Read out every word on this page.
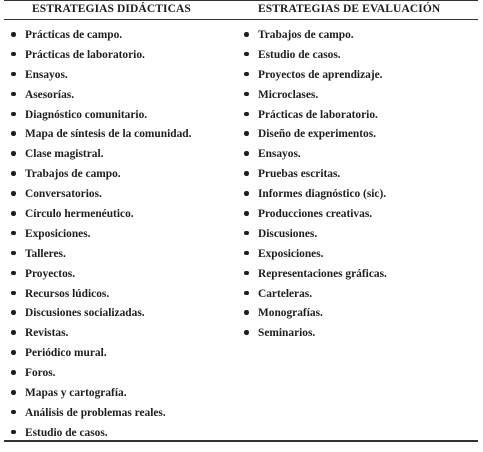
ESTRATEGIAS DIDÁCTICAS	ESTRATEGIAS DE EVALUACIÓN
Prácticas de campo.
Prácticas de laboratorio.
Ensayos.
Asesorías.
Diagnóstico comunitario.
Mapa de síntesis de la comunidad.
Clase magistral.
Trabajos de campo.
Conversatorios.
Círculo hermenéutico.
Exposiciones.
Talleres.
Proyectos.
Recursos lúdicos.
Discusiones socializadas.
Revistas.
Periódico mural.
Foros.
Mapas y cartografía.
Análisis de problemas reales.
Estudio de casos.
Trabajos de campo.
Estudio de casos.
Proyectos de aprendizaje.
Microclases.
Prácticas de laboratorio.
Diseño de experimentos.
Ensayos.
Pruebas escritas.
Informes diagnóstico (sic).
Producciones creativas.
Discusiones.
Exposiciones.
Representaciones gráficas.
Carteleras.
Monografías.
Seminarios.
